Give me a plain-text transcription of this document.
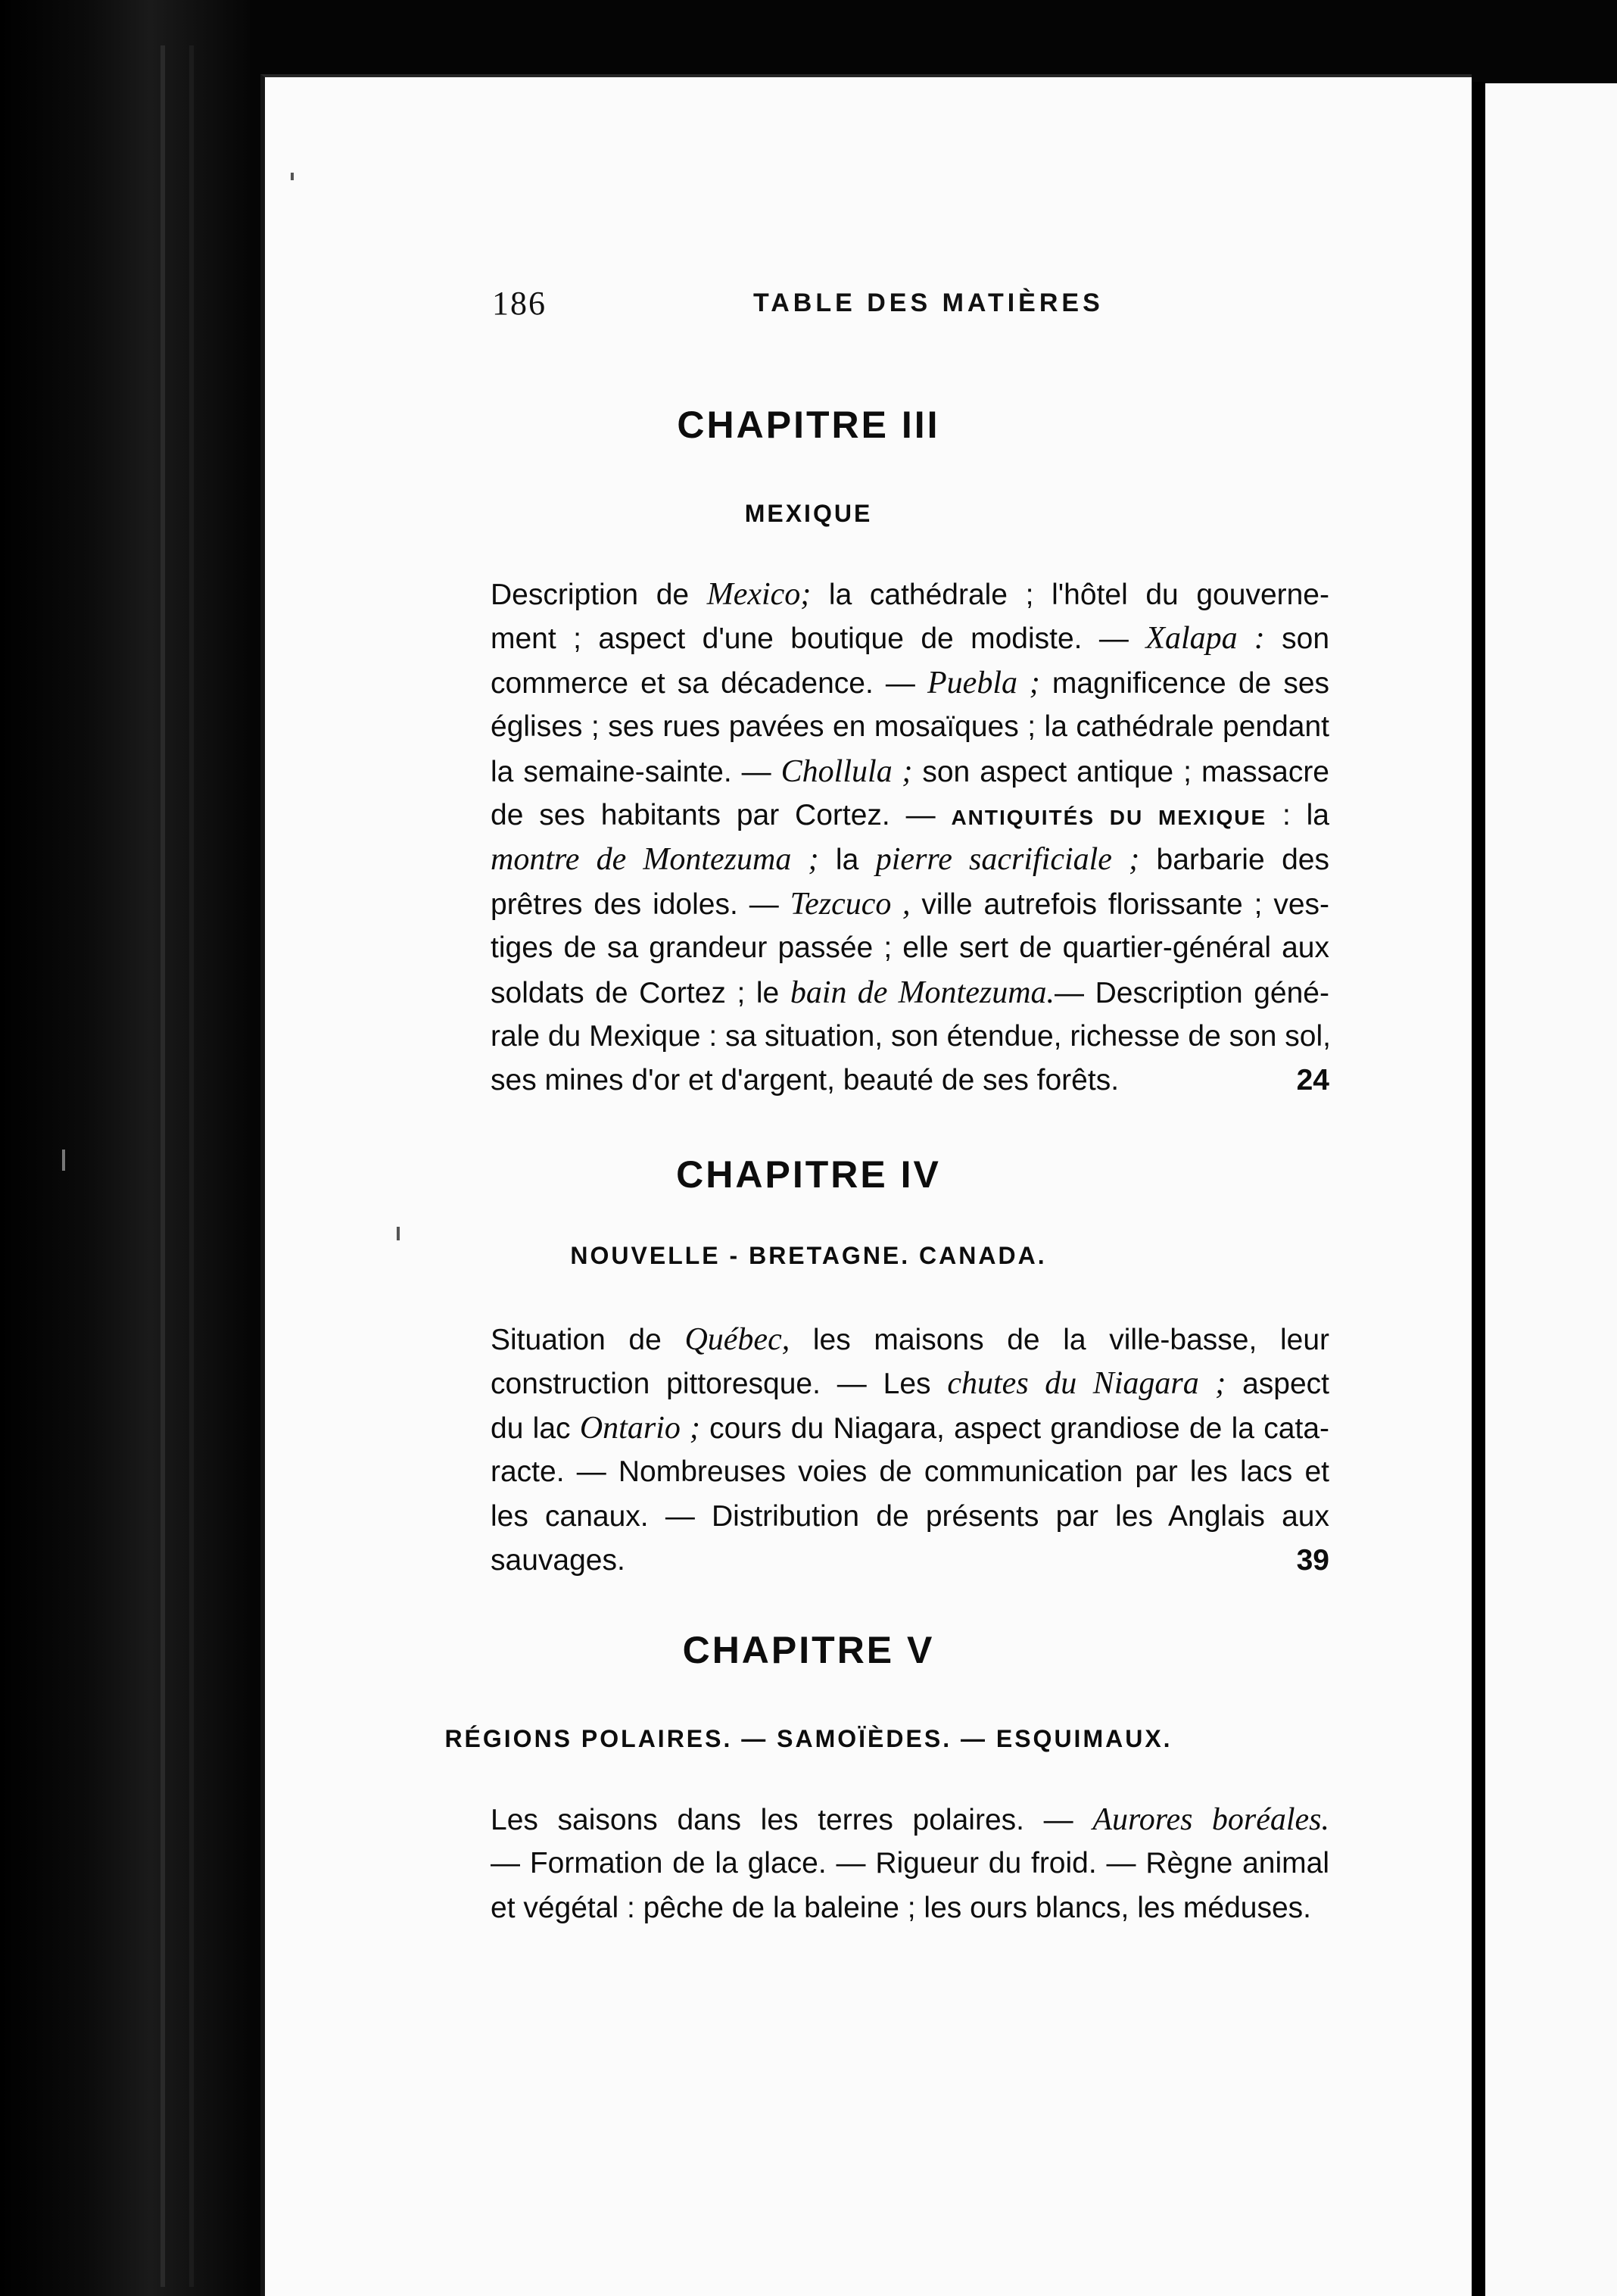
186	TABLE DES MATIÈRES
CHAPITRE III
MEXIQUE
Description de Mexico; la cathédrale ; l'hôtel du gouverne-
ment ; aspect d'une boutique de modiste. — Xalapa : son
commerce et sa décadence. — Puebla ; magnificence de ses
églises ; ses rues pavées en mosaïques ; la cathédrale pendant
la semaine-sainte. — Chollula ; son aspect antique ; massacre
de ses habitants par Cortez. — ANTIQUITÉS DU MEXIQUE : la
montre de Montezuma ; la pierre sacrificiale ; barbarie des
prêtres des idoles. — Tezcuco , ville autrefois florissante ; ves-
tiges de sa grandeur passée ; elle sert de quartier-général aux
soldats de Cortez ; le bain de Montezuma.— Description géné-
rale du Mexique : sa situation, son étendue, richesse de son sol,
ses mines d'or et d'argent, beauté de ses forêts.	24
CHAPITRE IV
NOUVELLE - BRETAGNE. CANADA.
Situation de Québec, les maisons de la ville-basse, leur
construction pittoresque. — Les chutes du Niagara ; aspect
du lac Ontario ; cours du Niagara, aspect grandiose de la cata-
racte. — Nombreuses voies de communication par les lacs et
les canaux. — Distribution de présents par les Anglais aux
sauvages.	39
CHAPITRE V
RÉGIONS POLAIRES. — SAMOÏÈDES. — ESQUIMAUX.
Les saisons dans les terres polaires. — Aurores boréales.
— Formation de la glace. — Rigueur du froid. — Règne animal
et végétal : pêche de la baleine ; les ours blancs, les méduses.
